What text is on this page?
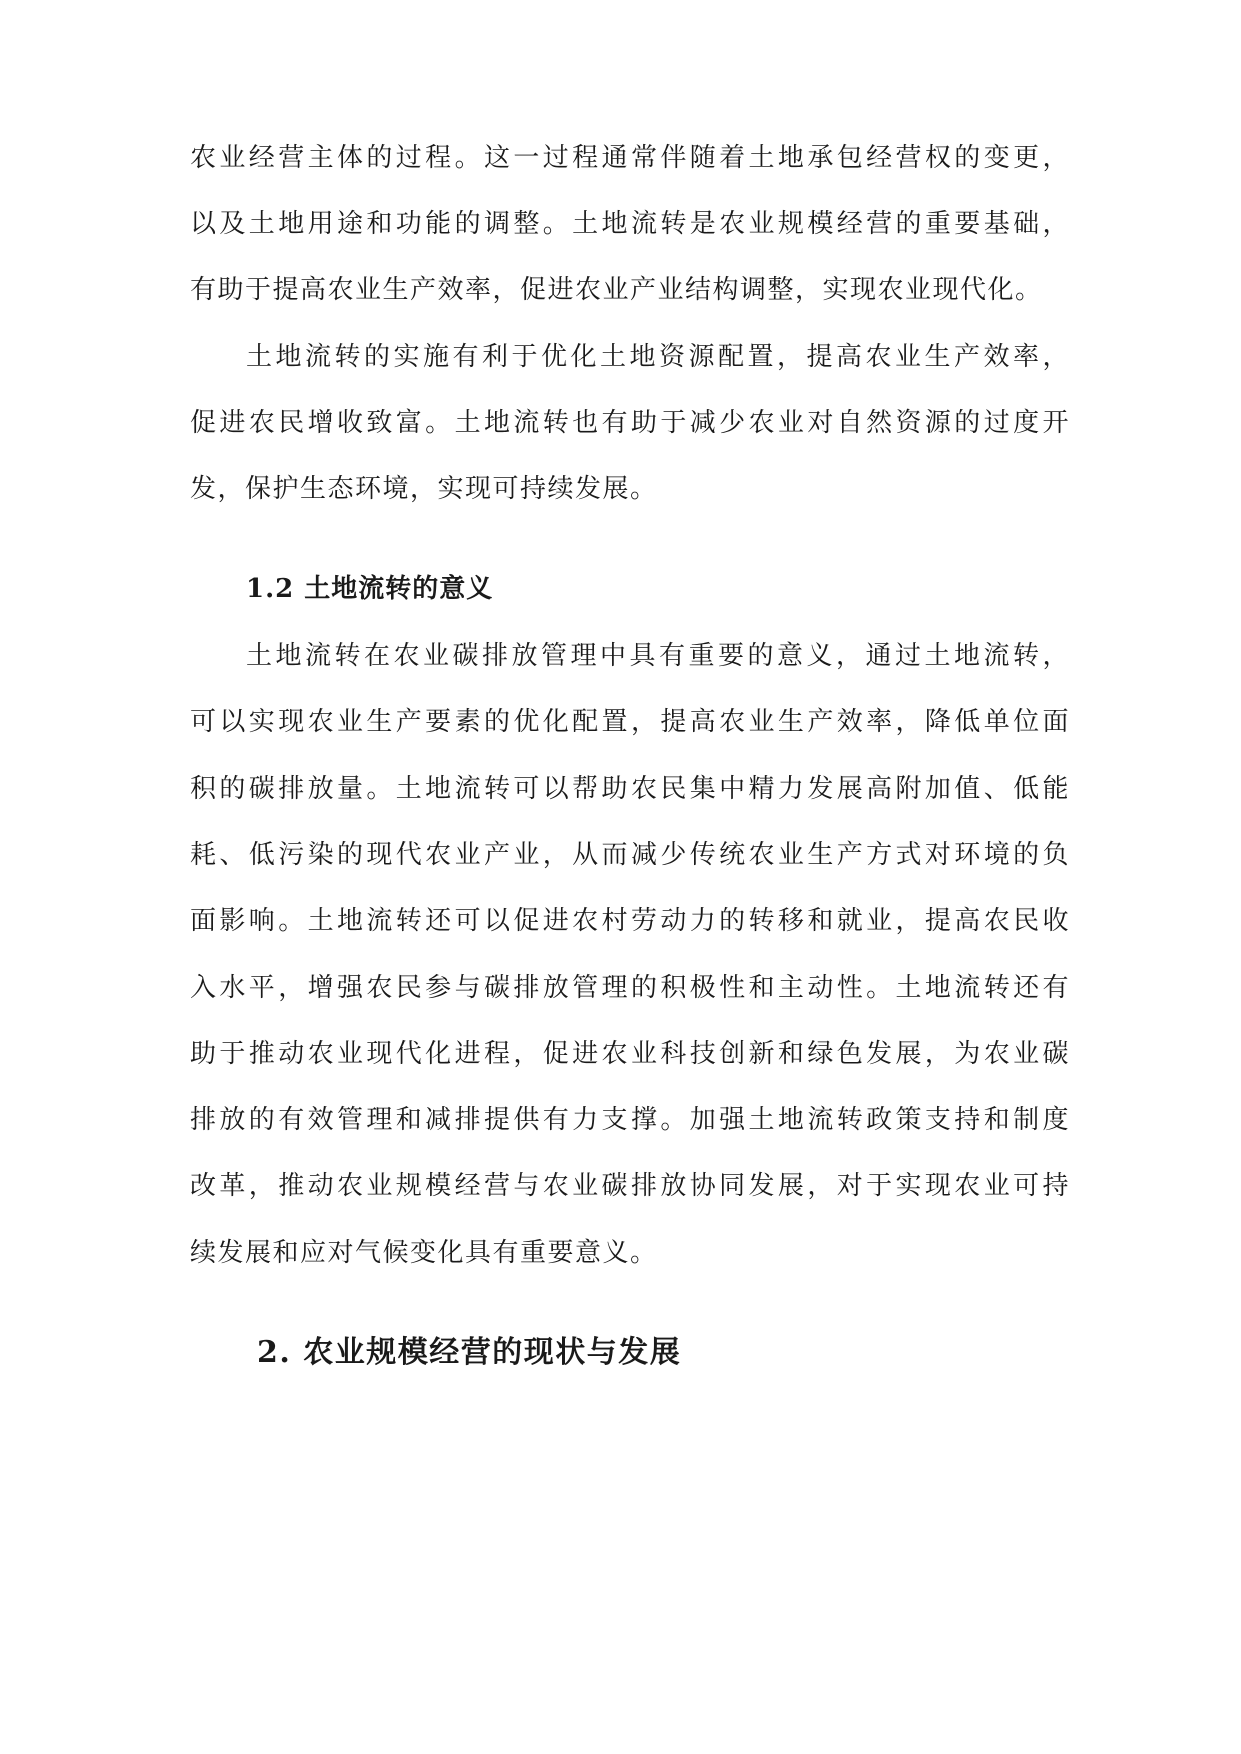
农业经营主体的过程。这一过程通常伴随着土地承包经营权的变更，
以及土地用途和功能的调整。土地流转是农业规模经营的重要基础，
有助于提高农业生产效率，促进农业产业结构调整，实现农业现代化。
土地流转的实施有利于优化土地资源配置，提高农业生产效率，
促进农民增收致富。土地流转也有助于减少农业对自然资源的过度开
发，保护生态环境，实现可持续发展。
1.2 土地流转的意义
土地流转在农业碳排放管理中具有重要的意义，通过土地流转，
可以实现农业生产要素的优化配置，提高农业生产效率，降低单位面
积的碳排放量。土地流转可以帮助农民集中精力发展高附加值、低能
耗、低污染的现代农业产业，从而减少传统农业生产方式对环境的负
面影响。土地流转还可以促进农村劳动力的转移和就业，提高农民收
入水平，增强农民参与碳排放管理的积极性和主动性。土地流转还有
助于推动农业现代化进程，促进农业科技创新和绿色发展，为农业碳
排放的有效管理和减排提供有力支撑。加强土地流转政策支持和制度
改革，推动农业规模经营与农业碳排放协同发展，对于实现农业可持
续发展和应对气候变化具有重要意义。
2. 农业规模经营的现状与发展
